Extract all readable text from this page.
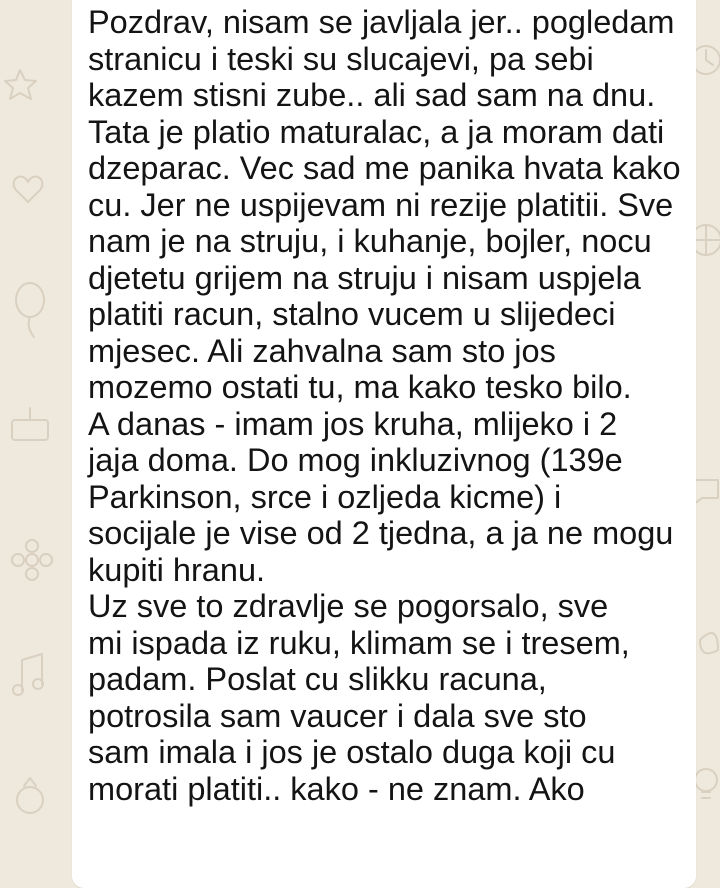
Pozdrav, nisam se javljala jer.. pogledam
stranicu i teski su slucajevi, pa sebi
kazem stisni zube.. ali sad sam na dnu.
Tata je platio maturalac, a ja moram dati
dzeparac. Vec sad me panika hvata kako
cu. Jer ne uspijevam ni rezije platitii. Sve
nam je na struju, i kuhanje, bojler, nocu
djetetu grijem na struju i nisam uspjela
platiti racun, stalno vucem u slijedeci
mjesec. Ali zahvalna sam sto jos
mozemo ostati tu, ma kako tesko bilo.
A danas - imam jos kruha, mlijeko i 2
jaja doma. Do mog inkluzivnog (139e
Parkinson, srce i ozljeda kicme) i
socijale je vise od 2 tjedna, a ja ne mogu
kupiti hranu.
Uz sve to zdravlje se pogorsalo, sve
mi ispada iz ruku, klimam se i tresem,
padam. Poslat cu slikku racuna,
potrosila sam vaucer i dala sve sto
sam imala i jos je ostalo duga koji cu
morati platiti.. kako - ne znam. Ako
